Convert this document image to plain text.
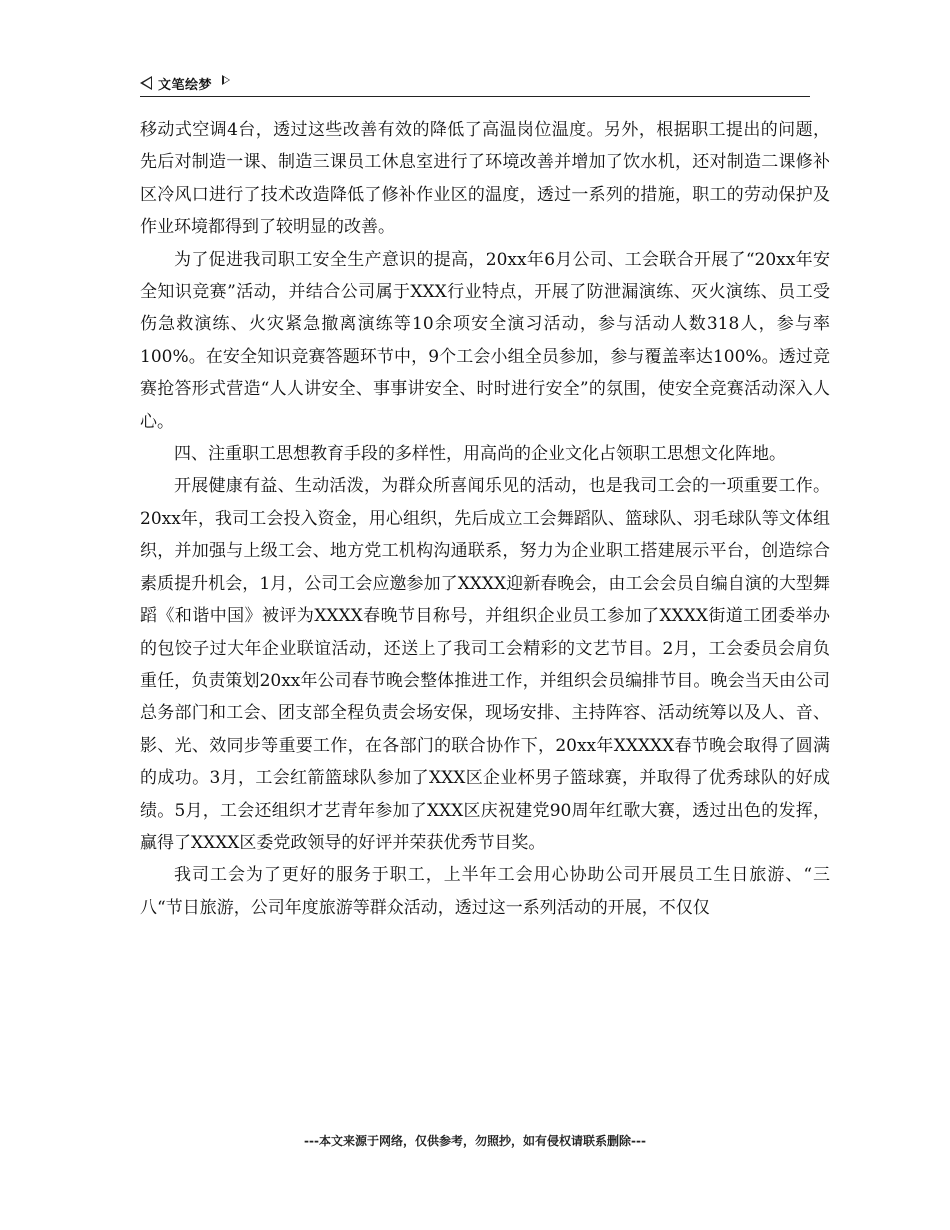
文笔绘梦

移动式空调4台，透过这些改善有效的降低了高温岗位温度。另外，根据职工提出的问题，先后对制造一课、制造三课员工休息室进行了环境改善并增加了饮水机，还对制造二课修补区冷风口进行了技术改造降低了修补作业区的温度，透过一系列的措施，职工的劳动保护及作业环境都得到了较明显的改善。

为了促进我司职工安全生产意识的提高，20xx年6月公司、工会联合开展了“20xx年安全知识竞赛”活动，并结合公司属于XXX行业特点，开展了防泄漏演练、灭火演练、员工受伤急救演练、火灾紧急撤离演练等10余项安全演习活动，参与活动人数318人，参与率100%。在安全知识竞赛答题环节中，9个工会小组全员参加，参与覆盖率达100%。透过竞赛抢答形式营造“人人讲安全、事事讲安全、时时进行安全”的氛围，使安全竞赛活动深入人心。

四、注重职工思想教育手段的多样性，用高尚的企业文化占领职工思想文化阵地。

开展健康有益、生动活泼，为群众所喜闻乐见的活动，也是我司工会的一项重要工作。20xx年，我司工会投入资金，用心组织，先后成立工会舞蹈队、篮球队、羽毛球队等文体组织，并加强与上级工会、地方党工机构沟通联系，努力为企业职工搭建展示平台，创造综合素质提升机会，1月，公司工会应邀参加了XXXX迎新春晚会，由工会会员自编自演的大型舞蹈《和谐中国》被评为XXXX春晚节目称号，并组织企业员工参加了XXXX街道工团委举办的包饺子过大年企业联谊活动，还送上了我司工会精彩的文艺节目。2月，工会委员会肩负重任，负责策划20xx年公司春节晚会整体推进工作，并组织会员编排节目。晚会当天由公司总务部门和工会、团支部全程负责会场安保，现场安排、主持阵容、活动统筹以及人、音、影、光、效同步等重要工作，在各部门的联合协作下，20xx年XXXXX春节晚会取得了圆满的成功。3月，工会红箭篮球队参加了XXX区企业杯男子篮球赛，并取得了优秀球队的好成绩。5月，工会还组织才艺青年参加了XXX区庆祝建党90周年红歌大赛，透过出色的发挥，赢得了XXXX区委党政领导的好评并荣获优秀节目奖。

我司工会为了更好的服务于职工，上半年工会用心协助公司开展员工生日旅游、“三八“节日旅游，公司年度旅游等群众活动，透过这一系列活动的开展，不仅仅

---本文来源于网络，仅供参考，勿照抄，如有侵权请联系删除---
